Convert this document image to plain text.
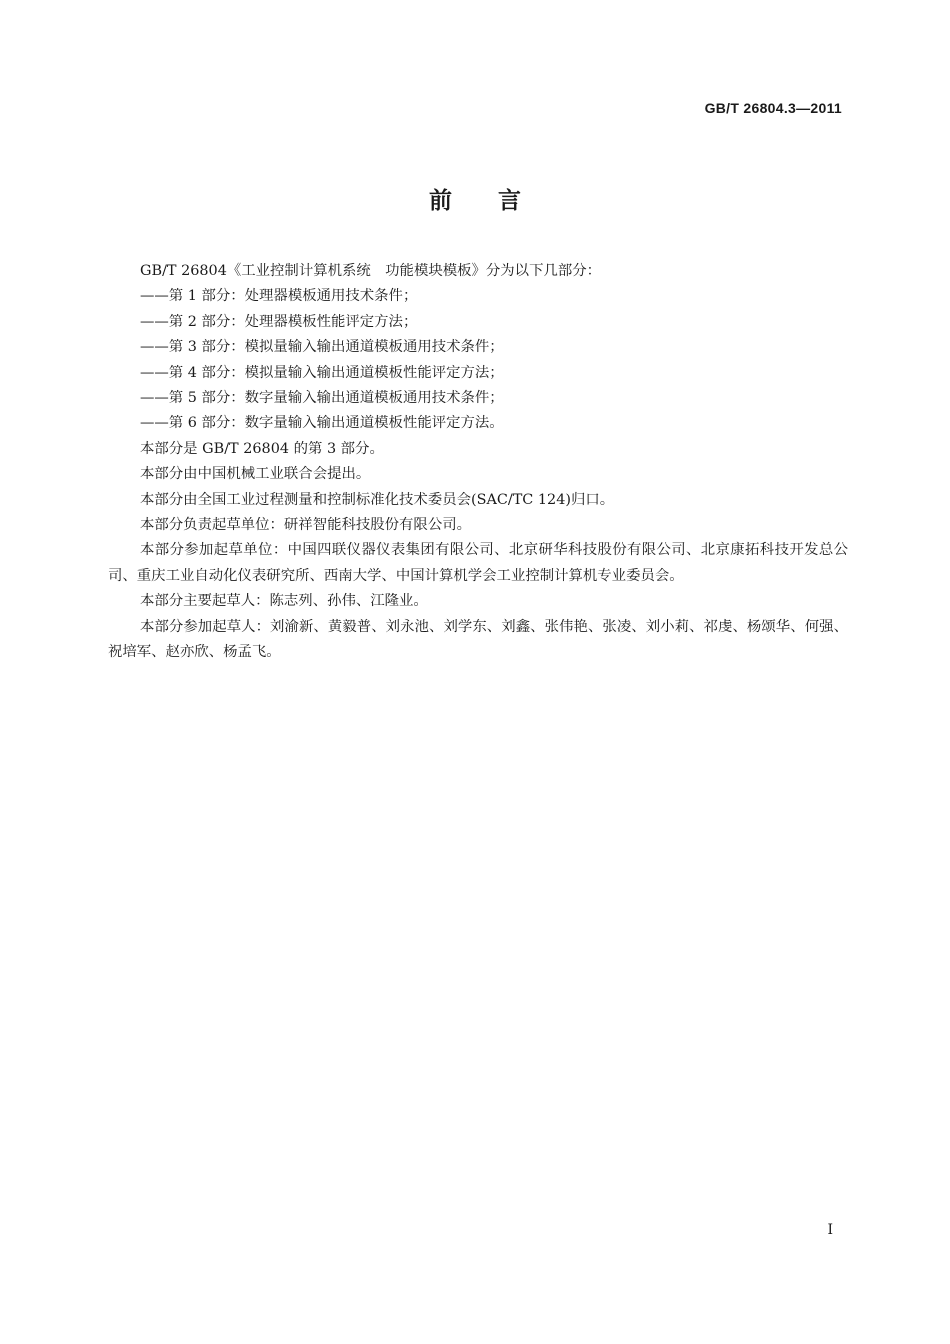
GB/T 26804.3—2011
前言

GB/T 26804《工业控制计算机系统　功能模块模板》分为以下几部分：

——第 1 部分：处理器模板通用技术条件；

——第 2 部分：处理器模板性能评定方法；

——第 3 部分：模拟量输入输出通道模板通用技术条件；

——第 4 部分：模拟量输入输出通道模板性能评定方法；

——第 5 部分：数字量输入输出通道模板通用技术条件；

——第 6 部分：数字量输入输出通道模板性能评定方法。

本部分是 GB/T 26804 的第 3 部分。

本部分由中国机械工业联合会提出。

本部分由全国工业过程测量和控制标准化技术委员会(SAC/TC 124)归口。

本部分负责起草单位：研祥智能科技股份有限公司。

本部分参加起草单位：中国四联仪器仪表集团有限公司、北京研华科技股份有限公司、北京康拓科技开发总公司、重庆工业自动化仪表研究所、西南大学、中国计算机学会工业控制计算机专业委员会。

本部分主要起草人：陈志列、孙伟、江隆业。

本部分参加起草人：刘渝新、黄毅普、刘永池、刘学东、刘鑫、张伟艳、张凌、刘小莉、祁虔、杨颂华、何强、祝培军、赵亦欣、杨孟飞。

I
